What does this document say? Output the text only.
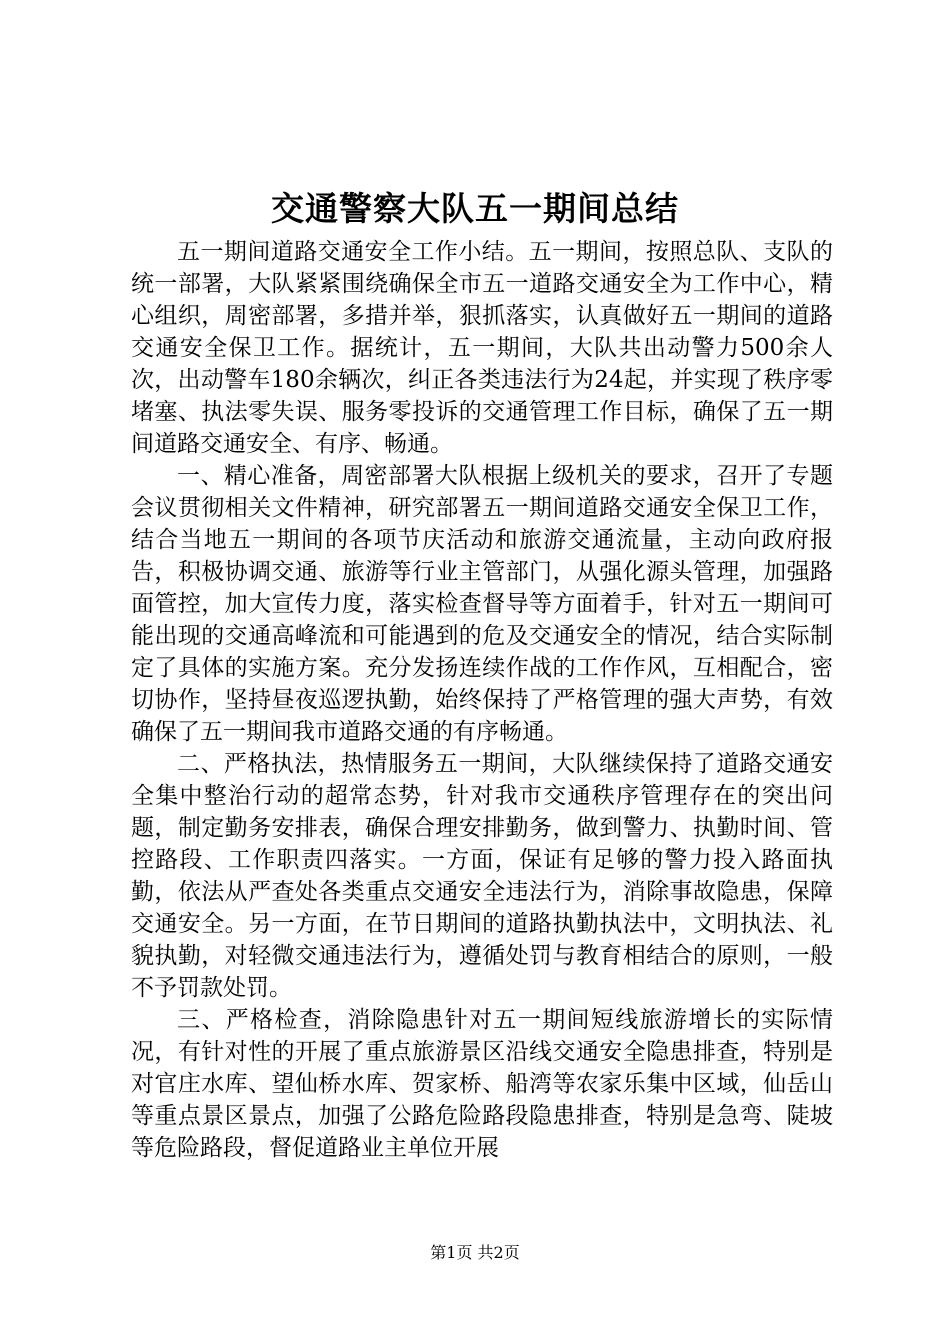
交通警察大队五一期间总结

五一期间道路交通安全工作小结。五一期间，按照总队、支队的统一部署，大队紧紧围绕确保全市五一道路交通安全为工作中心，精心组织，周密部署，多措并举，狠抓落实，认真做好五一期间的道路交通安全保卫工作。据统计，五一期间，大队共出动警力500余人次，出动警车180余辆次，纠正各类违法行为24起，并实现了秩序零堵塞、执法零失误、服务零投诉的交通管理工作目标，确保了五一期间道路交通安全、有序、畅通。

一、精心准备，周密部署大队根据上级机关的要求，召开了专题会议贯彻相关文件精神，研究部署五一期间道路交通安全保卫工作，结合当地五一期间的各项节庆活动和旅游交通流量，主动向政府报告，积极协调交通、旅游等行业主管部门，从强化源头管理，加强路面管控，加大宣传力度，落实检查督导等方面着手，针对五一期间可能出现的交通高峰流和可能遇到的危及交通安全的情况，结合实际制定了具体的实施方案。充分发扬连续作战的工作作风，互相配合，密切协作，坚持昼夜巡逻执勤，始终保持了严格管理的强大声势，有效确保了五一期间我市道路交通的有序畅通。

二、严格执法，热情服务五一期间，大队继续保持了道路交通安全集中整治行动的超常态势，针对我市交通秩序管理存在的突出问题，制定勤务安排表，确保合理安排勤务，做到警力、执勤时间、管控路段、工作职责四落实。一方面，保证有足够的警力投入路面执勤，依法从严查处各类重点交通安全违法行为，消除事故隐患，保障交通安全。另一方面，在节日期间的道路执勤执法中，文明执法、礼貌执勤，对轻微交通违法行为，遵循处罚与教育相结合的原则，一般不予罚款处罚。

三、严格检查，消除隐患针对五一期间短线旅游增长的实际情况，有针对性的开展了重点旅游景区沿线交通安全隐患排查，特别是对官庄水库、望仙桥水库、贺家桥、船湾等农家乐集中区域，仙岳山等重点景区景点，加强了公路危险路段隐患排查，特别是急弯、陡坡等危险路段，督促道路业主单位开展

第1页 共2页
